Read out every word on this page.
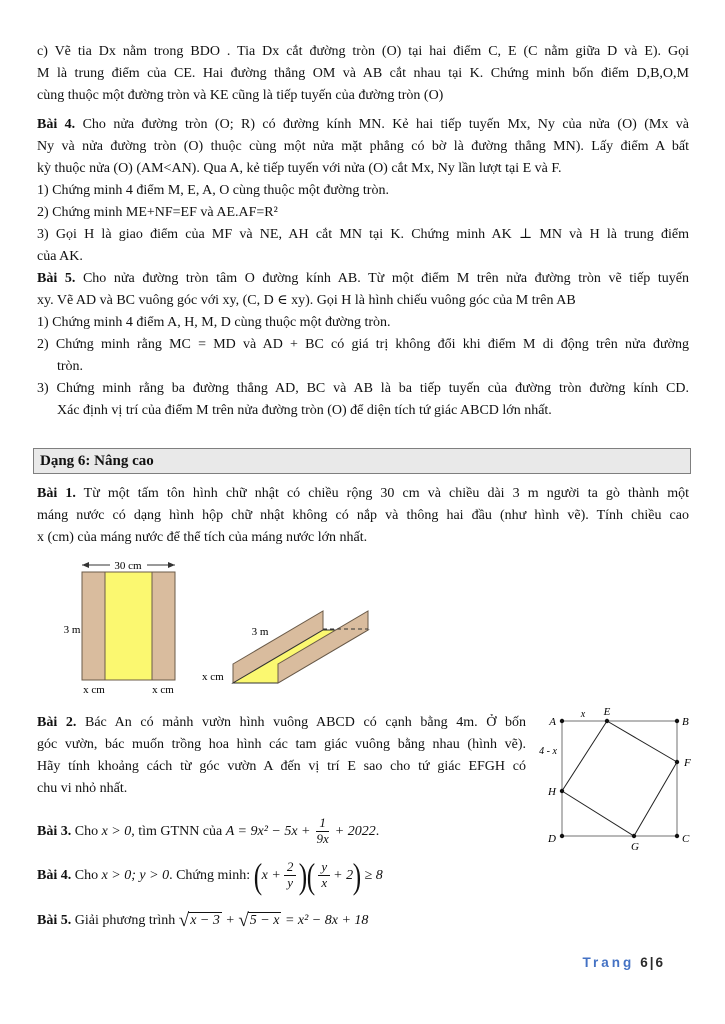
c) Vẽ tia Dx nằm trong BDO . Tia Dx cắt đường tròn (O) tại hai điểm C, E (C nằm giữa D và E). Gọi
M là trung điểm của CE. Hai đường thẳng OM và AB cắt nhau tại K. Chứng minh bốn điểm D,B,O,M
cùng thuộc một đường tròn và KE cũng là tiếp tuyến của đường tròn (O)
Bài 4. Cho nửa đường tròn (O; R) có đường kính MN. Kẻ hai tiếp tuyến Mx, Ny của nửa (O) (Mx và
Ny và nửa đường tròn (O) thuộc cùng một nửa mặt phẳng có bờ là đường thẳng MN). Lấy điểm A bất
kỳ thuộc nửa (O) (AM<AN). Qua A, kẻ tiếp tuyến với nửa (O) cắt Mx, Ny lần lượt tại E và F.
1) Chứng minh 4 điểm M, E, A, O cùng thuộc một đường tròn.
2) Chứng minh ME+NF=EF và AE.AF=R²
3) Gọi H là giao điểm của MF và NE, AH cắt MN tại K. Chứng minh AK ⊥ MN và H là trung điểm
của AK.
Bài 5. Cho nửa đường tròn tâm O đường kính AB. Từ một điểm M trên nửa đường tròn vẽ tiếp tuyến
xy. Vẽ AD và BC vuông góc với xy, (C, D ∈ xy). Gọi H là hình chiếu vuông góc của M trên AB
1) Chứng minh 4 điểm A, H, M, D cùng thuộc một đường tròn.
2) Chứng minh rằng MC = MD và AD + BC có giá trị không đổi khi điểm M di động trên nửa đường
tròn.
3) Chứng minh rằng ba đường thẳng AD, BC và AB là ba tiếp tuyến của đường tròn đường kính CD.
Xác định vị trí của điểm M trên nửa đường tròn (O) để diện tích tứ giác ABCD lớn nhất.
Dạng 6: Nâng cao
Bài 1. Từ một tấm tôn hình chữ nhật có chiều rộng 30 cm và chiều dài 3 m người ta gò thành một
máng nước có dạng hình hộp chữ nhật không có nắp và thông hai đầu (như hình vẽ). Tính chiều cao
x (cm) của máng nước để thể tích của máng nước lớn nhất.
30 cm
3 m
x cm	x cm
3 m
x cm
Bài 2. Bác An có mảnh vườn hình vuông ABCD có cạnh bằng 4m. Ở bốn
góc vườn, bác muốn trồng hoa hình các tam giác vuông bằng nhau (hình vẽ).
Hãy tính khoảng cách từ góc vườn A đến vị trí E sao cho tứ giác EFGH có
chu vi nhỏ nhất.
A	B
C
D
E
F
G
H
x
4 - x
Bài 3. Cho x > 0, tìm GTNN của $A = 9x^2 - 5x + \frac{1}{9x} + 2022$.
Bài 4. Cho x > 0; y > 0. Chứng minh: ($x + \frac{2}{y}$ )( $\frac{y}{x} + 2) \ge 8$
Bài 5. Giải phương trình √x − 3 + √5 − x = x² − 8x + 18
Trang 6|6
